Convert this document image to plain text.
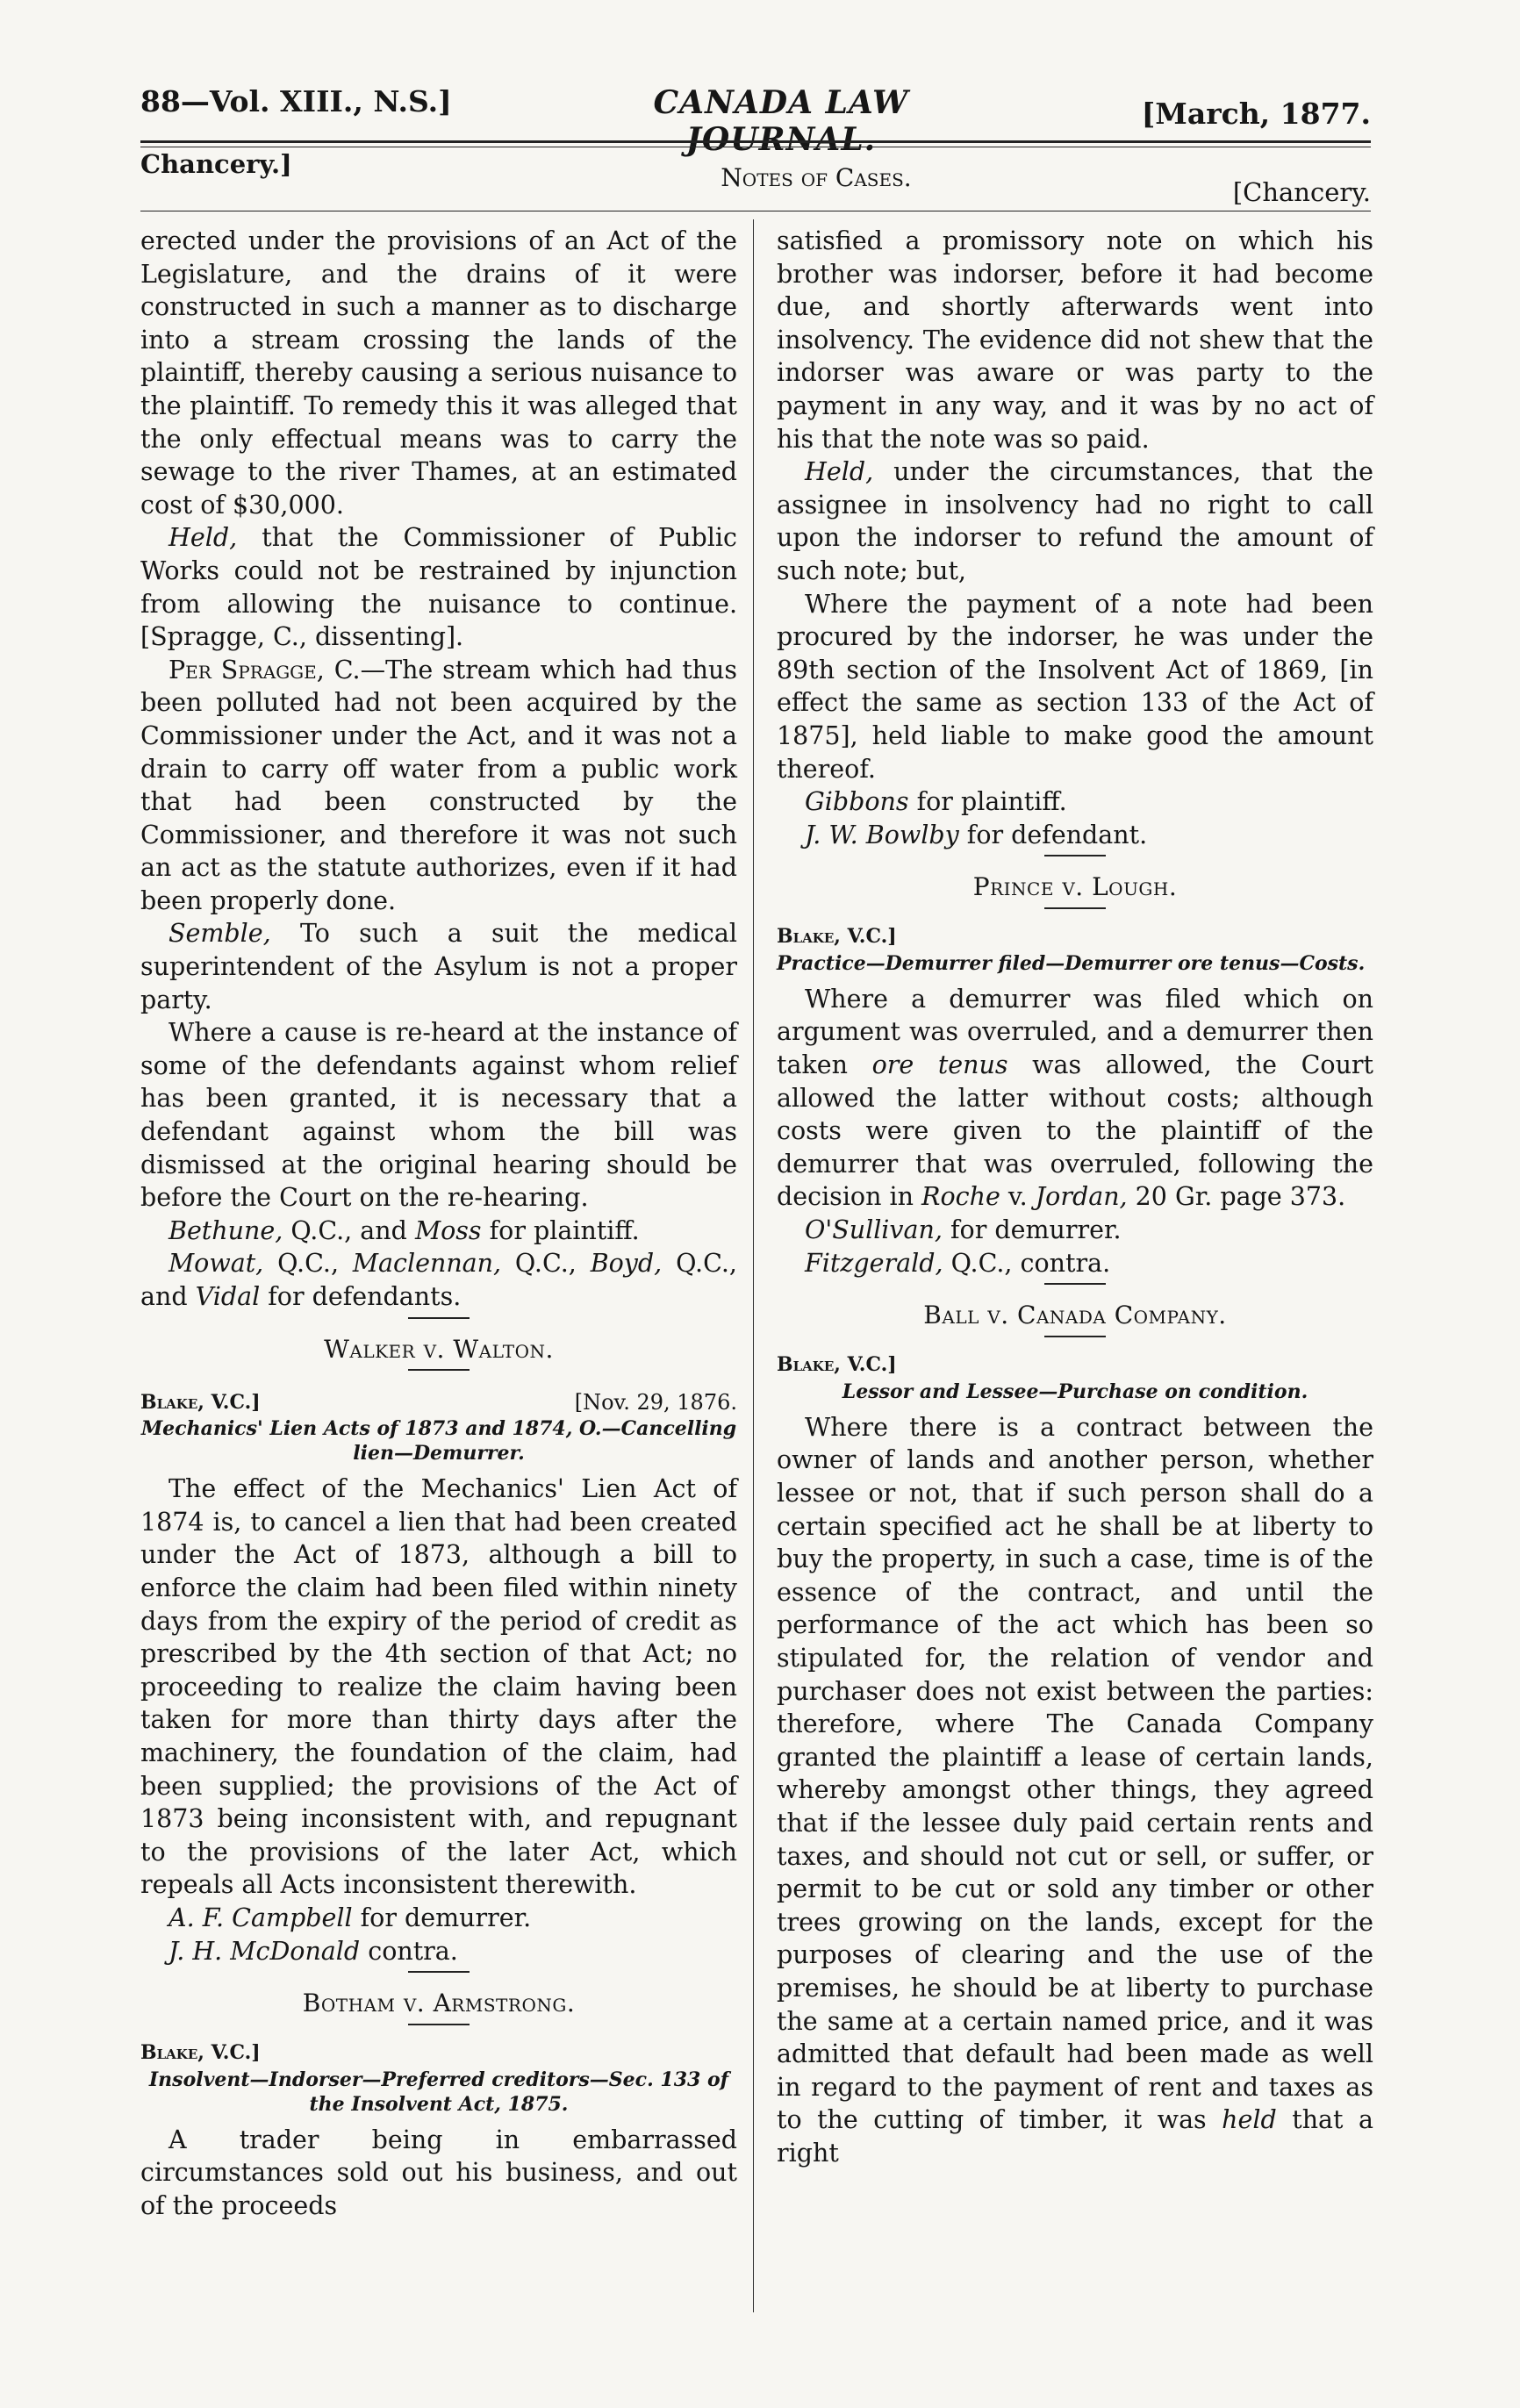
88—Vol. XIII., N.S.]	CANADA LAW JOURNAL.
[March, 1877.
Chancery.]	Notes of Cases.	[Chancery.

erected under the provisions of an Act of the Legislature, and the drains of it were constructed in such a manner as to discharge into a stream crossing the lands of the plaintiff, thereby causing a serious nuisance to the plaintiff. To remedy this it was alleged that the only effectual means was to carry the sewage to the river Thames, at an estimated cost of $30,000.

Held, that the Commissioner of Public Works could not be restrained by injunction from allowing the nuisance to continue. [Spragge, C., dissenting].

Per Spragge, C.—The stream which had thus been polluted had not been acquired by the Commissioner under the Act, and it was not a drain to carry off water from a public work that had been constructed by the Commissioner, and therefore it was not such an act as the statute authorizes, even if it had been properly done.

Semble, To such a suit the medical superintendent of the Asylum is not a proper party.

Where a cause is re-heard at the instance of some of the defendants against whom relief has been granted, it is necessary that a defendant against whom the bill was dismissed at the original hearing should be before the Court on the re-hearing.

Bethune, Q.C., and Moss for plaintiff.

Mowat, Q.C., Maclennan, Q.C., Boyd, Q.C., and Vidal for defendants.

Walker v. Walton.
Blake, V.C.]	[Nov. 29, 1876.
Mechanics' Lien Acts of 1873 and 1874, O.—Cancelling lien—Demurrer.

The effect of the Mechanics' Lien Act of 1874 is, to cancel a lien that had been created under the Act of 1873, although a bill to enforce the claim had been filed within ninety days from the expiry of the period of credit as prescribed by the 4th section of that Act; no proceeding to realize the claim having been taken for more than thirty days after the machinery, the foundation of the claim, had been supplied; the provisions of the Act of 1873 being inconsistent with, and repugnant to the provisions of the later Act, which repeals all Acts inconsistent therewith.

A. F. Campbell for demurrer.

J. H. McDonald contra.

Botham v. Armstrong.
Blake, V.C.]
Insolvent—Indorser—Preferred creditors—Sec. 133 of the Insolvent Act, 1875.

A trader being in embarrassed circumstances sold out his business, and out of the proceeds

satisfied a promissory note on which his brother was indorser, before it had become due, and shortly afterwards went into insolvency. The evidence did not shew that the indorser was aware or was party to the payment in any way, and it was by no act of his that the note was so paid.

Held, under the circumstances, that the assignee in insolvency had no right to call upon the indorser to refund the amount of such note; but,

Where the payment of a note had been procured by the indorser, he was under the 89th section of the Insolvent Act of 1869, [in effect the same as section 133 of the Act of 1875], held liable to make good the amount thereof.

Gibbons for plaintiff.

J. W. Bowlby for defendant.

Prince v. Lough.
Blake, V.C.]
Practice—Demurrer filed—Demurrer ore tenus—Costs.

Where a demurrer was filed which on argument was overruled, and a demurrer then taken ore tenus was allowed, the Court allowed the latter without costs; although costs were given to the plaintiff of the demurrer that was overruled, following the decision in Roche v. Jordan, 20 Gr. page 373.

O'Sullivan, for demurrer.

Fitzgerald, Q.C., contra.

Ball v. Canada Company.
Blake, V.C.]
Lessor and Lessee—Purchase on condition.

Where there is a contract between the owner of lands and another person, whether lessee or not, that if such person shall do a certain specified act he shall be at liberty to buy the property, in such a case, time is of the essence of the contract, and until the performance of the act which has been so stipulated for, the relation of vendor and purchaser does not exist between the parties: therefore, where The Canada Company granted the plaintiff a lease of certain lands, whereby amongst other things, they agreed that if the lessee duly paid certain rents and taxes, and should not cut or sell, or suffer, or permit to be cut or sold any timber or other trees growing on the lands, except for the purposes of clearing and the use of the premises, he should be at liberty to purchase the same at a certain named price, and it was admitted that default had been made as well in regard to the payment of rent and taxes as to the cutting of timber, it was held that a right
